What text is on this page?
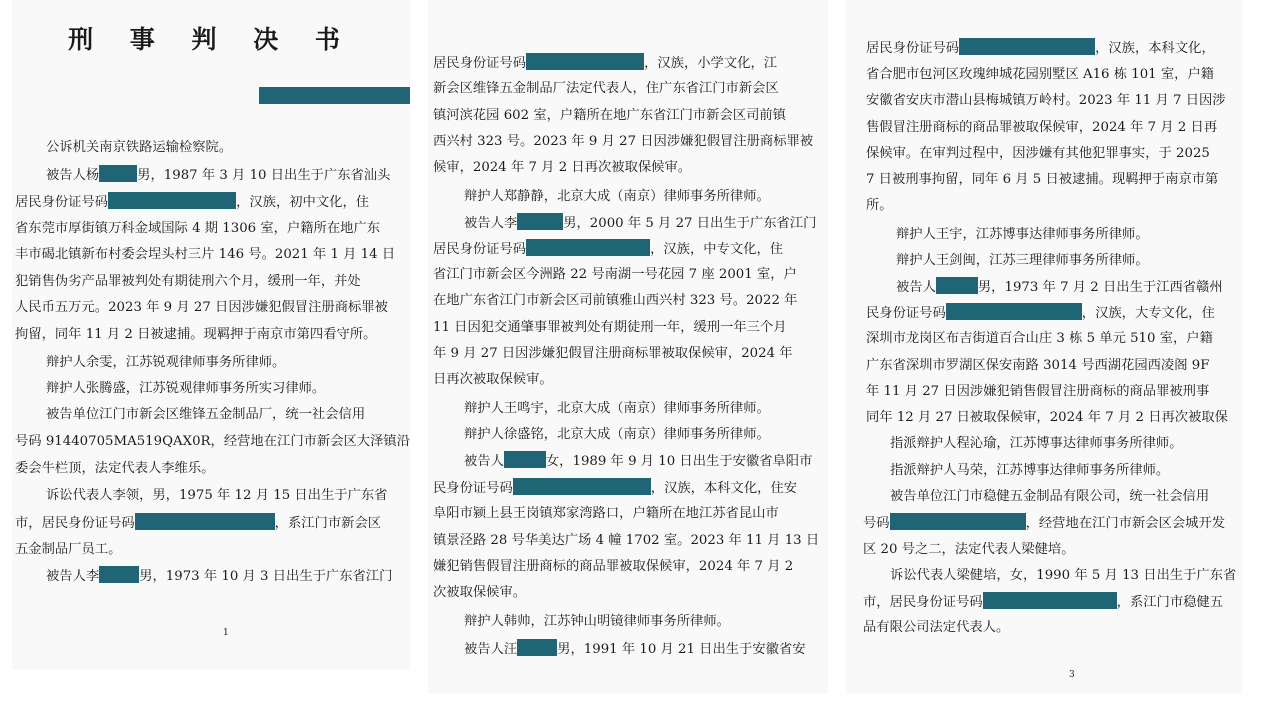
刑 事 判 决 书
1
公诉机关南京铁路运输检察院。
被告人杨	男，1987 年 3 月 10 日出生于广东省汕头
居民身份证号码	，汉族，初中文化，住
省东莞市厚街镇万科金域国际 4 期 1306 室，户籍所在地广东
丰市碣北镇新布村委会埕头村三片 146 号。2021 年 1 月 14 日
犯销售伪劣产品罪被判处有期徒刑六个月，缓刑一年，并处
人民币五万元。2023 年 9 月 27 日因涉嫌犯假冒注册商标罪被
拘留，同年 11 月 2 日被逮捕。现羁押于南京市第四看守所。
辩护人余雯，江苏锐观律师事务所律师。
辩护人张腾盛，江苏锐观律师事务所实习律师。
被告单位江门市新会区维锋五金制品厂，统一社会信用
号码 91440705MA519QAX0R，经营地在江门市新会区大泽镇沿
委会牛栏顶，法定代表人李维乐。
诉讼代表人李领，男，1975 年 12 月 15 日出生于广东省
市，居民身份证号码	，系江门市新会区
五金制品厂员工。
被告人李	男，1973 年 10 月 3 日出生于广东省江门
居民身份证号码	，汉族，小学文化，江
新会区维锋五金制品厂法定代表人，住广东省江门市新会区
镇河滨花园 602 室，户籍所在地广东省江门市新会区司前镇
西兴村 323 号。2023 年 9 月 27 日因涉嫌犯假冒注册商标罪被
候审，2024 年 7 月 2 日再次被取保候审。
辩护人郑静静，北京大成（南京）律师事务所律师。
被告人李	男，2000 年 5 月 27 日出生于广东省江门
居民身份证号码	，汉族，中专文化，住
省江门市新会区今洲路 22 号南湖一号花园 7 座 2001 室，户
在地广东省江门市新会区司前镇雅山西兴村 323 号。2022 年
11 日因犯交通肇事罪被判处有期徒刑一年，缓刑一年三个月
年 9 月 27 日因涉嫌犯假冒注册商标罪被取保候审，2024 年
日再次被取保候审。
辩护人王鸣宇，北京大成（南京）律师事务所律师。
辩护人徐盛铭，北京大成（南京）律师事务所律师。
被告人	女，1989 年 9 月 10 日出生于安徽省阜阳市
民身份证号码	，汉族，本科文化，住安
阜阳市颍上县王岗镇郑家湾路口，户籍所在地江苏省昆山市
镇景泾路 28 号华美达广场 4 幢 1702 室。2023 年 11 月 13 日
嫌犯销售假冒注册商标的商品罪被取保候审，2024 年 7 月 2
次被取保候审。
辩护人韩帅，江苏钟山明镜律师事务所律师。
被告人汪	男，1991 年 10 月 21 日出生于安徽省安
3
居民身份证号码	，汉族，本科文化，
省合肥市包河区玫瑰绅城花园别墅区 A16 栋 101 室，户籍
安徽省安庆市潜山县梅城镇万岭村。2023 年 11 月 7 日因涉
售假冒注册商标的商品罪被取保候审，2024 年 7 月 2 日再
保候审。在审判过程中，因涉嫌有其他犯罪事实，于 2025
7 日被刑事拘留，同年 6 月 5 日被逮捕。现羁押于南京市第
所。
辩护人王宇，江苏博事达律师事务所律师。
辩护人王剑闽，江苏三理律师事务所律师。
被告人	男，1973 年 7 月 2 日出生于江西省赣州
民身份证号码	，汉族，大专文化，住
深圳市龙岗区布吉街道百合山庄 3 栋 5 单元 510 室，户籍
广东省深圳市罗湖区保安南路 3014 号西湖花园西凌阁 9F
年 11 月 27 日因涉嫌犯销售假冒注册商标的商品罪被刑事
同年 12 月 27 日被取保候审，2024 年 7 月 2 日再次被取保
指派辩护人程沁瑜，江苏博事达律师事务所律师。
指派辩护人马荣，江苏博事达律师事务所律师。
被告单位江门市稳健五金制品有限公司，统一社会信用
号码	，经营地在江门市新会区会城开发
区 20 号之二，法定代表人梁健培。
诉讼代表人梁健培，女，1990 年 5 月 13 日出生于广东省
市，居民身份证号码	，系江门市稳健五
品有限公司法定代表人。
